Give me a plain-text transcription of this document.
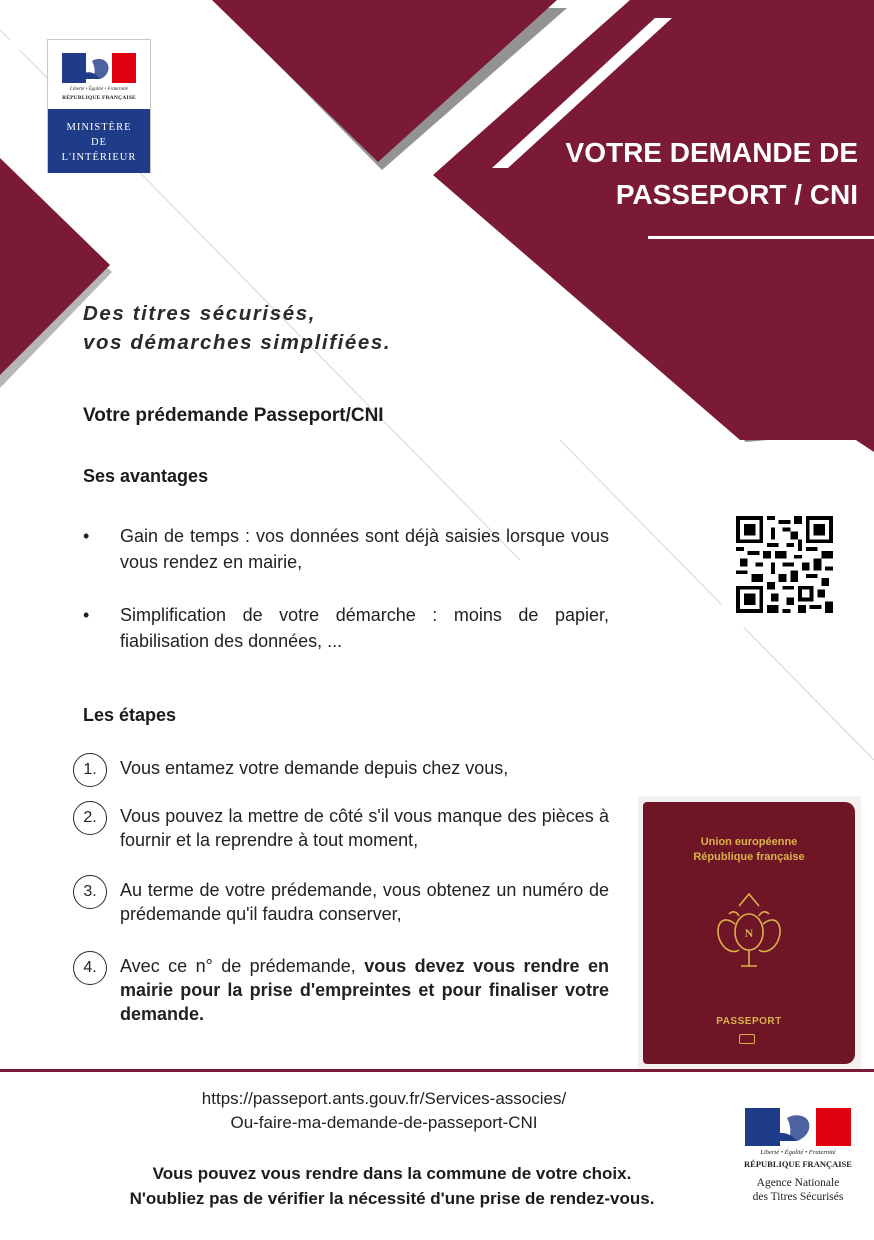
Liberté • Égalité • Fraternité
RÉPUBLIQUE FRANÇAISE
MINISTÈRE
DE
L'INTÉRIEUR	VOTRE DEMANDE DE
PASSEPORT / CNI
Des titres sécurisés,
vos démarches simplifiées.
Votre prédemande Passeport/CNI
Ses avantages
• Gain de temps : vos données sont déjà saisies lorsque vous vous rendez en mairie,
• Simplification de votre démarche : moins de papier, fiabilisation des données, ...
Les étapes
1.	Vous entamez votre demande depuis chez vous,
2.	Vous pouvez la mettre de côté s'il vous manque des pièces à fournir et la reprendre à tout moment,
3.	Au terme de votre prédemande, vous obtenez un numéro de prédemande qu'il faudra conserver,
4.	Avec ce n° de prédemande, vous devez vous rendre en mairie pour la prise d'empreintes et pour finaliser votre demande.
Union européenne
République française
N
PASSEPORT
https://passeport.ants.gouv.fr/Services-associes/
Ou-faire-ma-demande-de-passeport-CNI
Vous pouvez vous rendre dans la commune de votre choix.
N'oubliez pas de vérifier la nécessité d'une prise de rendez-vous.
Liberté • Égalité • Fraternité
RÉPUBLIQUE FRANÇAISE
Agence Nationale
des Titres Sécurisés
